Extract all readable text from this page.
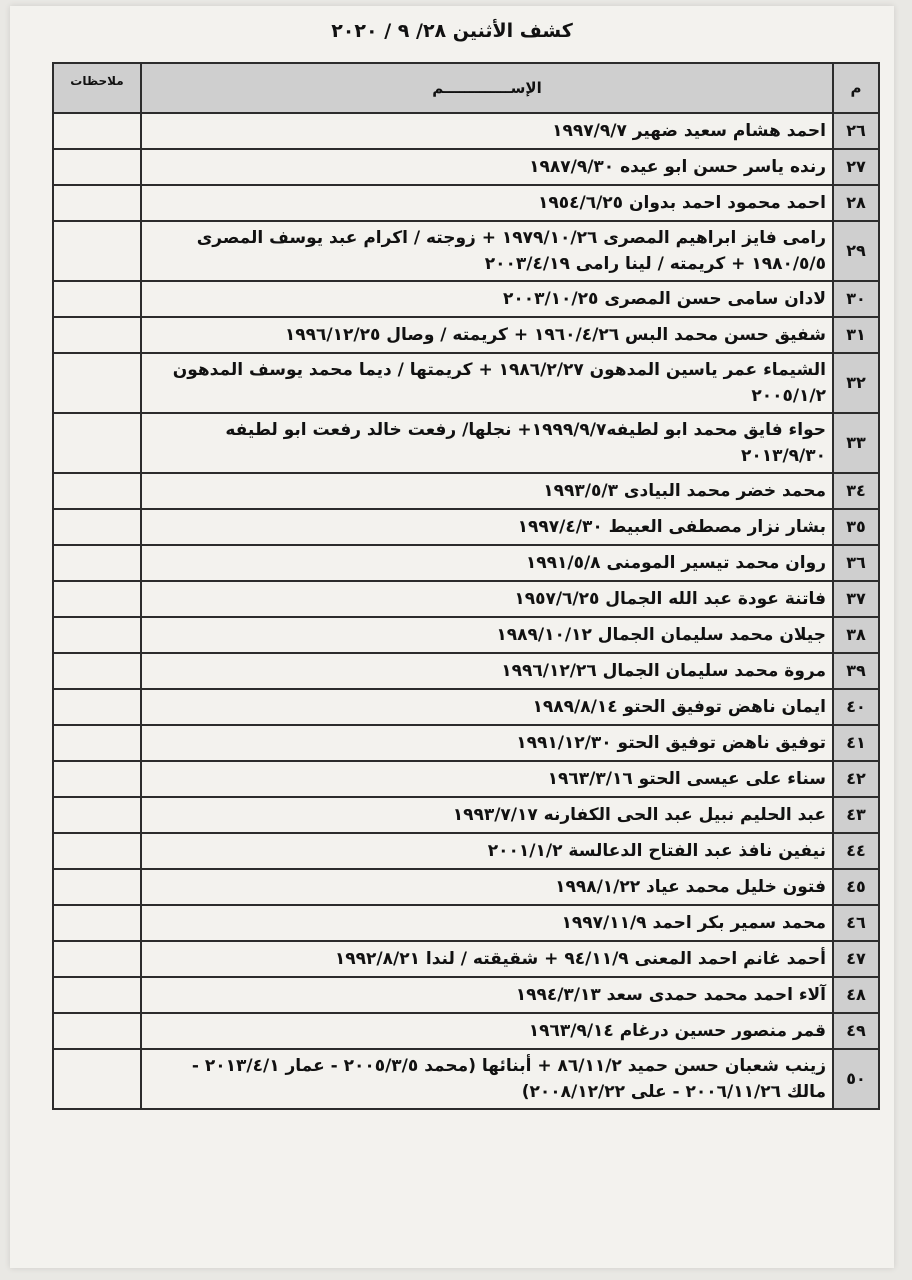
كشف الأثنين ٢٨/ ٩ / ٢٠٢٠
م	الإســـــــــــــم	ملاحظات
٢٦	احمد هشام سعيد ضهير ١٩٩٧/٩/٧	
٢٧	رنده ياسر حسن ابو عيده ١٩٨٧/٩/٣٠	
٢٨	احمد محمود احمد بدوان ١٩٥٤/٦/٢٥	
٢٩	رامى فايز ابراهيم المصرى ١٩٧٩/١٠/٢٦ + زوجته / اكرام عبد يوسف المصرى ١٩٨٠/٥/٥ + كريمته / لينا رامى ٢٠٠٣/٤/١٩	
٣٠	لادان سامى حسن المصرى ٢٠٠٣/١٠/٢٥	
٣١	شفيق حسن محمد البس ١٩٦٠/٤/٢٦ + كريمته / وصال ١٩٩٦/١٢/٢٥	
٣٢	الشيماء عمر ياسين المدهون ١٩٨٦/٢/٢٧ + كريمتها / ديما محمد يوسف المدهون ٢٠٠٥/١/٢	
٣٣	حواء فايق محمد ابو لطيفه١٩٩٩/٩/٧+ نجلها/ رفعت خالد رفعت ابو لطيفه ٢٠١٣/٩/٣٠	
٣٤	محمد خضر محمد البيادى ١٩٩٣/٥/٣	
٣٥	بشار نزار مصطفى العبيط ١٩٩٧/٤/٣٠	
٣٦	روان محمد تيسير المومنى ١٩٩١/٥/٨	
٣٧	فاتنة عودة عبد الله الجمال ١٩٥٧/٦/٢٥	
٣٨	جيلان محمد سليمان الجمال ١٩٨٩/١٠/١٢	
٣٩	مروة محمد سليمان الجمال ١٩٩٦/١٢/٢٦	
٤٠	ايمان ناهض توفيق الحتو ١٩٨٩/٨/١٤	
٤١	توفيق ناهض توفيق الحتو ١٩٩١/١٢/٣٠	
٤٢	سناء على عيسى الحتو ١٩٦٣/٣/١٦	
٤٣	عبد الحليم نبيل عبد الحى الكفارنه ١٩٩٣/٧/١٧	
٤٤	نيفين نافذ عبد الفتاح الدعالسة ٢٠٠١/١/٢	
٤٥	فتون خليل محمد عياد ١٩٩٨/١/٢٢	
٤٦	محمد سمير بكر احمد ١٩٩٧/١١/٩	
٤٧	أحمد غانم احمد المعنى ٩٤/١١/٩ + شقيقته / لندا ١٩٩٢/٨/٢١	
٤٨	آلاء احمد محمد حمدى سعد ١٩٩٤/٣/١٣	
٤٩	قمر منصور حسين درغام ١٩٦٣/٩/١٤	
٥٠	زينب شعبان حسن حميد ٨٦/١١/٢ + أبنائها (محمد ٢٠٠٥/٣/٥ - عمار ٢٠١٣/٤/١ - مالك ٢٠٠٦/١١/٢٦ - على ٢٠٠٨/١٢/٢٢)	
